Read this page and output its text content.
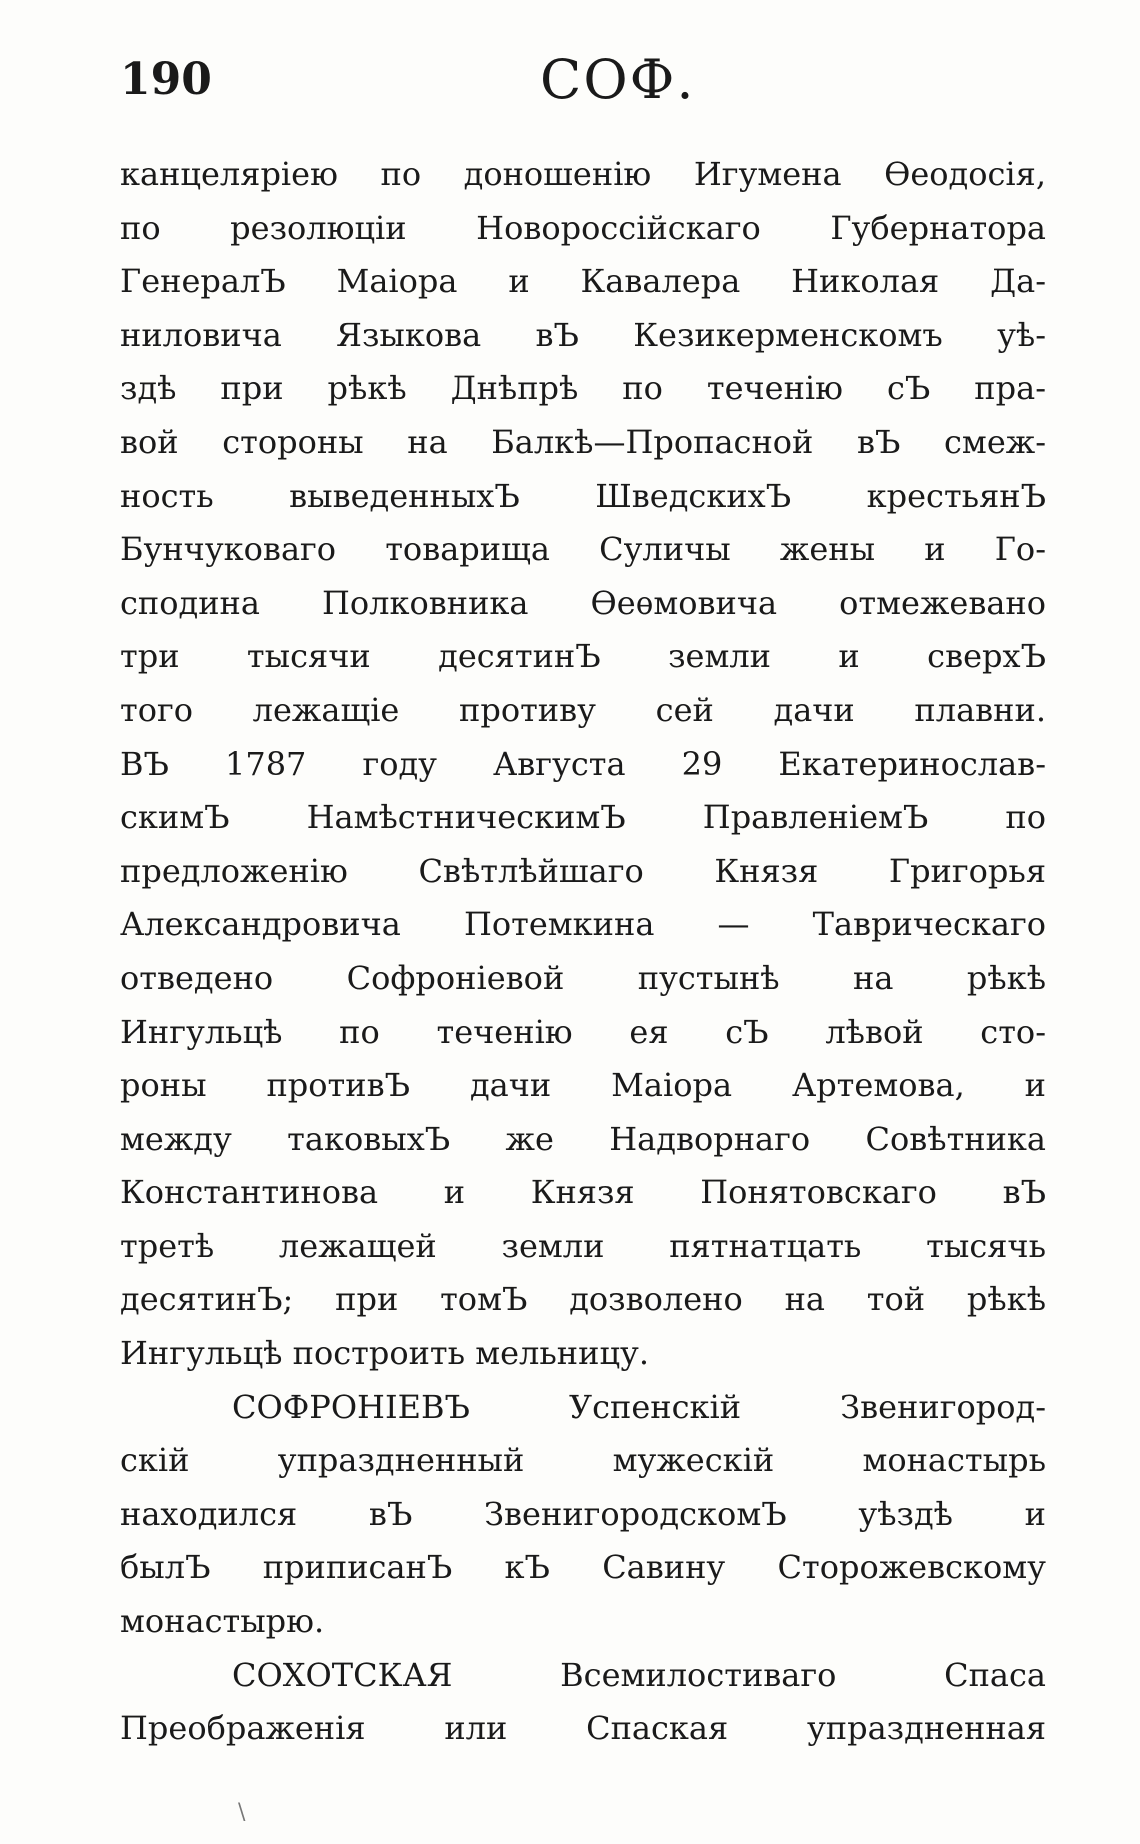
190	СОФ.
канцеляріею по доношенію Игумена Ѳеодосія,
по резолюціи Новороссійскаго Губернатора
ГенералЪ Маіора и Кавалера Николая Да-
ниловича Языкова вЪ Кезикерменскомъ уѣ-
здѣ при рѣкѣ Днѣпрѣ по теченію сЪ пра-
вой стороны на Балкѣ—Пропасной вЪ смеж-
ность выведенныхЪ ШведскихЪ крестьянЪ
Бунчуковаго товарища Суличы жены и Го-
сподина Полковника Ѳеѳмовича отмежевано
три тысячи десятинЪ земли и сверхЪ
того лежащіе противу сей дачи плавни.
ВЪ 1787 году Августа 29 Екатеринослав-
скимЪ НамѣстническимЪ ПравленіемЪ по
предложенію Свѣтлѣйшаго Князя Григорья
Александровича Потемкина — Таврическаго
отведено Софроніевой пустынѣ на рѣкѣ
Ингульцѣ по теченію ея сЪ лѣвой сто-
роны противЪ дачи Маіора Артемова, и
между таковыхЪ же Надворнаго Совѣтника
Константинова и Князя Понятовскаго вЪ
третѣ лежащей земли пятнатцать тысячь
десятинЪ; при томЪ дозволено на той рѣкѣ
Ингульцѣ построить мельницу.
СОФРОНІЕВЪ Успенскій Звенигород-
скій упраздненный мужескій монастырь
находился вЪ ЗвенигородскомЪ уѣздѣ и
былЪ приписанЪ кЪ Савину Сторожевскому
монастырю.
СОХОТСКАЯ Всемилостиваго Спаса
Преображенія или Спаская упраздненная
\
